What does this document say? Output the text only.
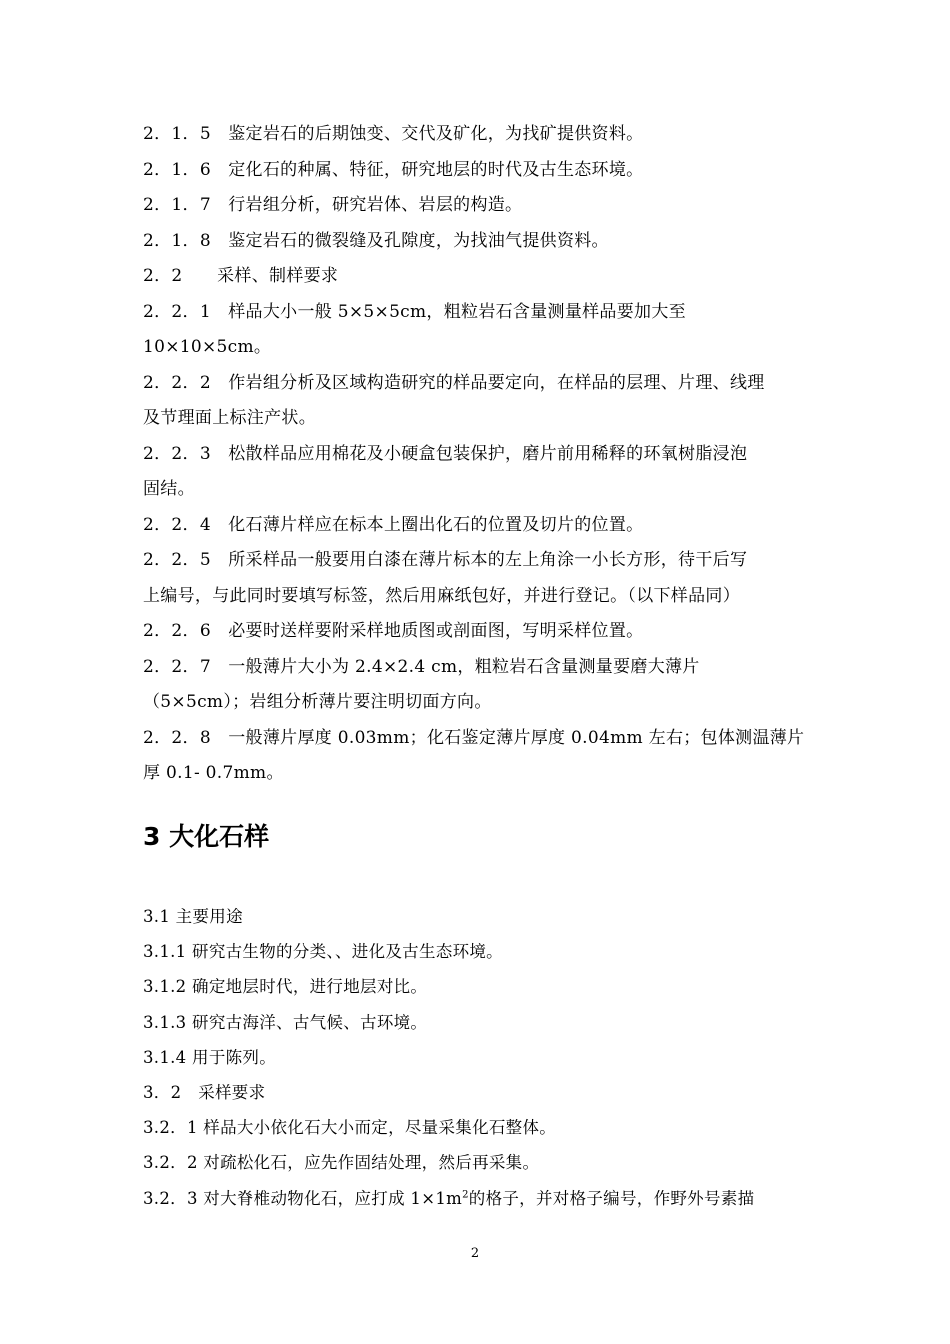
2．1．5　鉴定岩石的后期蚀变、交代及矿化，为找矿提供资料。
2．1．6　定化石的种属、特征，研究地层的时代及古生态环境。
2．1．7　行岩组分析，研究岩体、岩层的构造。
2．1．8　鉴定岩石的微裂缝及孔隙度，为找油气提供资料。
2．2　　采样、制样要求
2．2．1　样品大小一般 5×5×5cm，粗粒岩石含量测量样品要加大至
10×10×5cm。
2．2．2　作岩组分析及区域构造研究的样品要定向，在样品的层理、片理、线理
及节理面上标注产状。
2．2．3　松散样品应用棉花及小硬盒包装保护，磨片前用稀释的环氧树脂浸泡
固结。
2．2．4　化石薄片样应在标本上圈出化石的位置及切片的位置。
2．2．5　所采样品一般要用白漆在薄片标本的左上角涂一小长方形，待干后写
上编号，与此同时要填写标签，然后用麻纸包好，并进行登记。（以下样品同）
2．2．6　必要时送样要附采样地质图或剖面图，写明采样位置。
2．2．7　一般薄片大小为 2.4×2.4 cm，粗粒岩石含量测量要磨大薄片
（5×5cm）；岩组分析薄片要注明切面方向。
2．2．8　一般薄片厚度 0.03mm；化石鉴定薄片厚度 0.04mm 左右；包体测温薄片
厚 0.1- 0.7mm。
3 大化石样
3.1 主要用途
3.1.1 研究古生物的分类、、进化及古生态环境。
3.1.2 确定地层时代，进行地层对比。
3.1.3 研究古海洋、古气候、古环境。
3.1.4 用于陈列。
3．2　采样要求
3.2．1 样品大小依化石大小而定，尽量采集化石整体。
3.2．2 对疏松化石，应先作固结处理，然后再采集。
3.2．3 对大脊椎动物化石，应打成 $1\times 1m^2$的格子，并对格子编号，作野外号素描
2
